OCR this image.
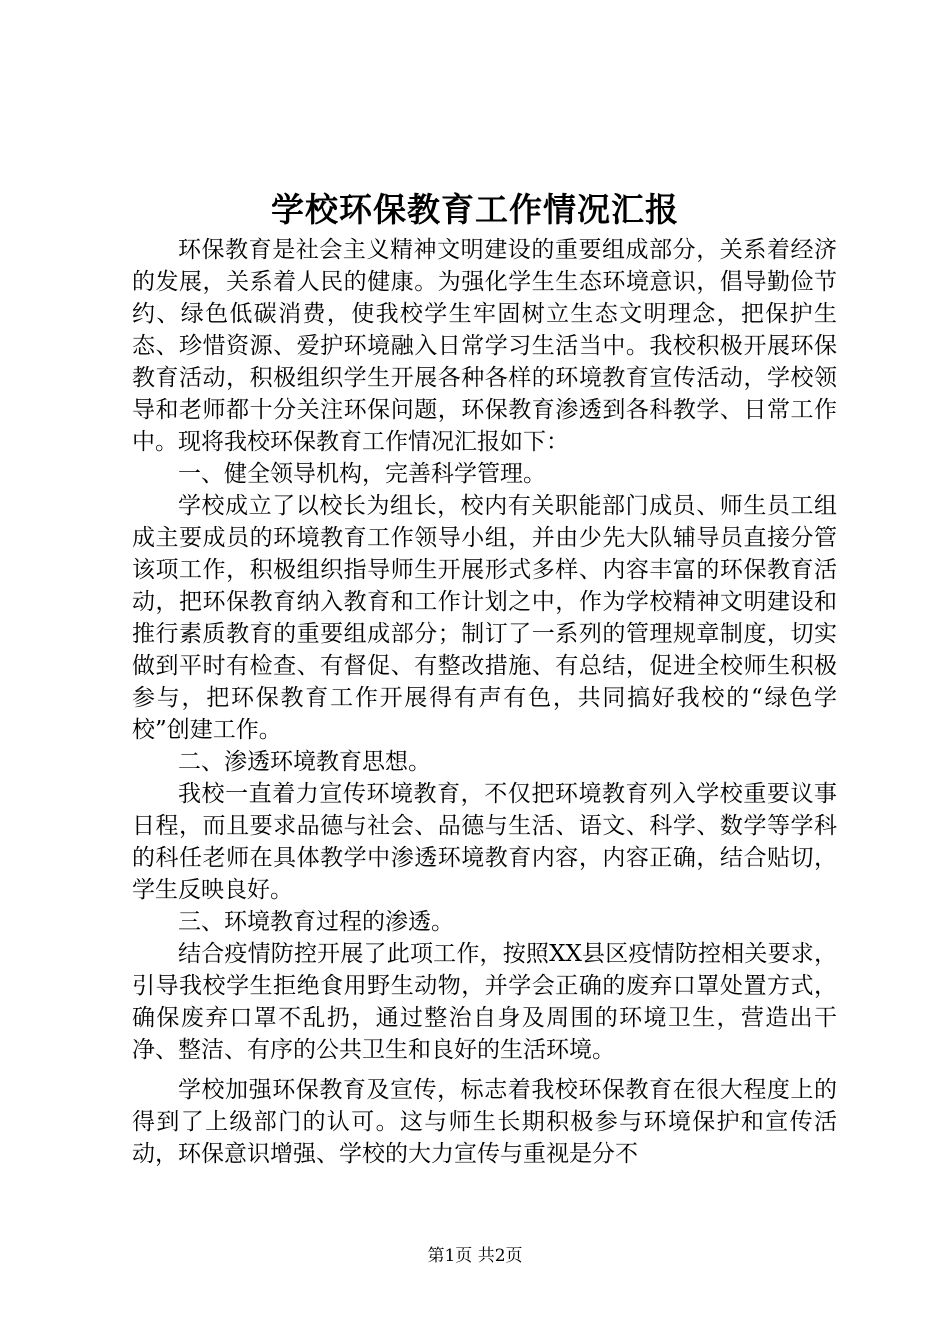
学校环保教育工作情况汇报

环保教育是社会主义精神文明建设的重要组成部分，关系着经济的发展，关系着人民的健康。为强化学生生态环境意识，倡导勤俭节约、绿色低碳消费，使我校学生牢固树立生态文明理念，把保护生态、珍惜资源、爱护环境融入日常学习生活当中。我校积极开展环保教育活动，积极组织学生开展各种各样的环境教育宣传活动，学校领导和老师都十分关注环保问题，环保教育渗透到各科教学、日常工作中。现将我校环保教育工作情况汇报如下：

一、健全领导机构，完善科学管理。

学校成立了以校长为组长，校内有关职能部门成员、师生员工组成主要成员的环境教育工作领导小组，并由少先大队辅导员直接分管该项工作，积极组织指导师生开展形式多样、内容丰富的环保教育活动，把环保教育纳入教育和工作计划之中，作为学校精神文明建设和推行素质教育的重要组成部分；制订了一系列的管理规章制度，切实做到平时有检查、有督促、有整改措施、有总结，促进全校师生积极参与，把环保教育工作开展得有声有色，共同搞好我校的“绿色学校”创建工作。

二、渗透环境教育思想。

我校一直着力宣传环境教育，不仅把环境教育列入学校重要议事日程，而且要求品德与社会、品德与生活、语文、科学、数学等学科的科任老师在具体教学中渗透环境教育内容，内容正确，结合贴切，学生反映良好。

三、环境教育过程的渗透。

结合疫情防控开展了此项工作，按照XX县区疫情防控相关要求，引导我校学生拒绝食用野生动物，并学会正确的废弃口罩处置方式，确保废弃口罩不乱扔，通过整治自身及周围的环境卫生，营造出干净、整洁、有序的公共卫生和良好的生活环境。

学校加强环保教育及宣传，标志着我校环保教育在很大程度上的得到了上级部门的认可。这与师生长期积极参与环境保护和宣传活动，环保意识增强、学校的大力宣传与重视是分不

第1页 共2页
